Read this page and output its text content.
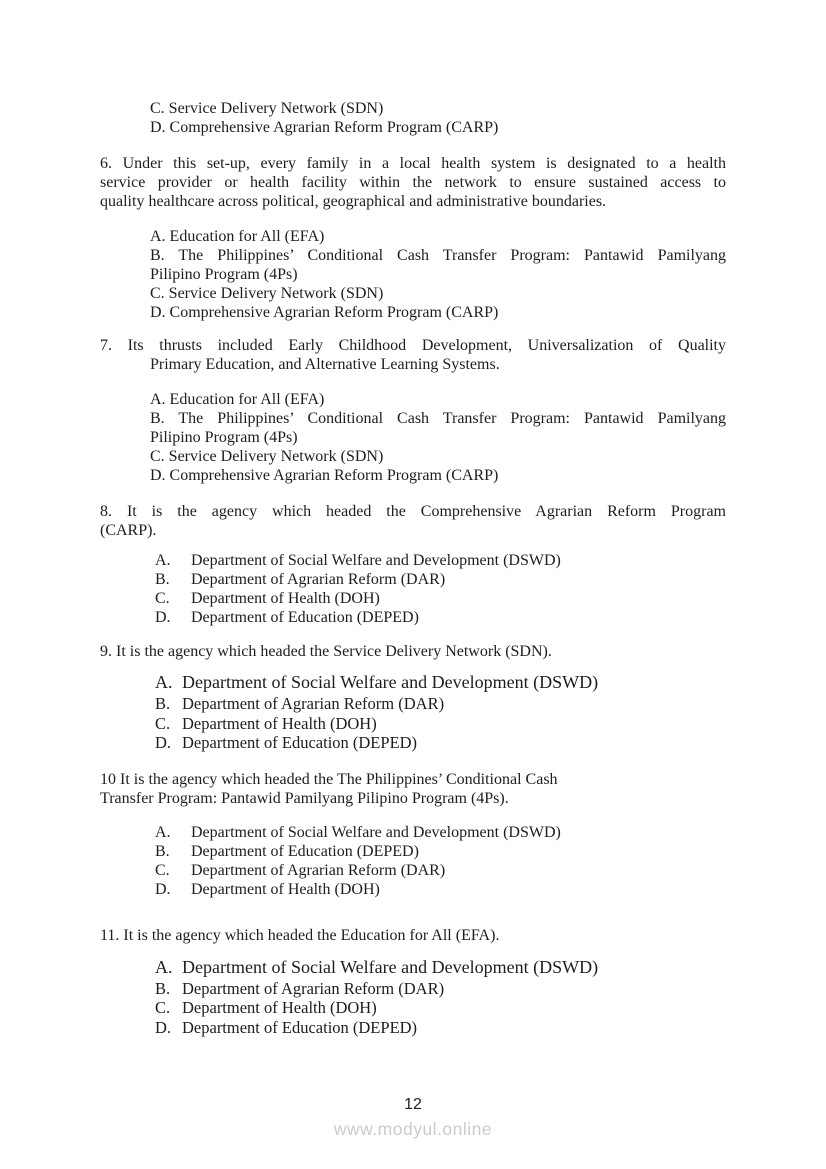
C. Service Delivery Network (SDN)
D. Comprehensive Agrarian Reform Program (CARP)
6. Under this set-up, every family in a local health system is designated to a health
service provider or health facility within the network to ensure sustained access to
quality healthcare across political, geographical and administrative boundaries.
A. Education for All (EFA)
B. The Philippines’ Conditional Cash Transfer Program: Pantawid Pamilyang
Pilipino Program (4Ps)
C. Service Delivery Network (SDN)
D. Comprehensive Agrarian Reform Program (CARP)
7. Its thrusts included Early Childhood Development, Universalization of Quality
Primary Education, and Alternative Learning Systems.
A. Education for All (EFA)
B. The Philippines’ Conditional Cash Transfer Program: Pantawid Pamilyang
Pilipino Program (4Ps)
C. Service Delivery Network (SDN)
D. Comprehensive Agrarian Reform Program (CARP)
8. It is the agency which headed the Comprehensive Agrarian Reform Program
(CARP).
A. Department of Social Welfare and Development (DSWD)
B. Department of Agrarian Reform (DAR)
C. Department of Health (DOH)
D. Department of Education (DEPED)
9. It is the agency which headed the Service Delivery Network (SDN).
A. Department of Social Welfare and Development (DSWD)
B. Department of Agrarian Reform (DAR)
C. Department of Health (DOH)
D. Department of Education (DEPED)
10 It is the agency which headed the The Philippines’ Conditional Cash
Transfer Program: Pantawid Pamilyang Pilipino Program (4Ps).
A. Department of Social Welfare and Development (DSWD)
B. Department of Education (DEPED)
C. Department of Agrarian Reform (DAR)
D. Department of Health (DOH)
11. It is the agency which headed the Education for All (EFA).
A. Department of Social Welfare and Development (DSWD)
B. Department of Agrarian Reform (DAR)
C. Department of Health (DOH)
D. Department of Education (DEPED)
12
www.modyul.online
